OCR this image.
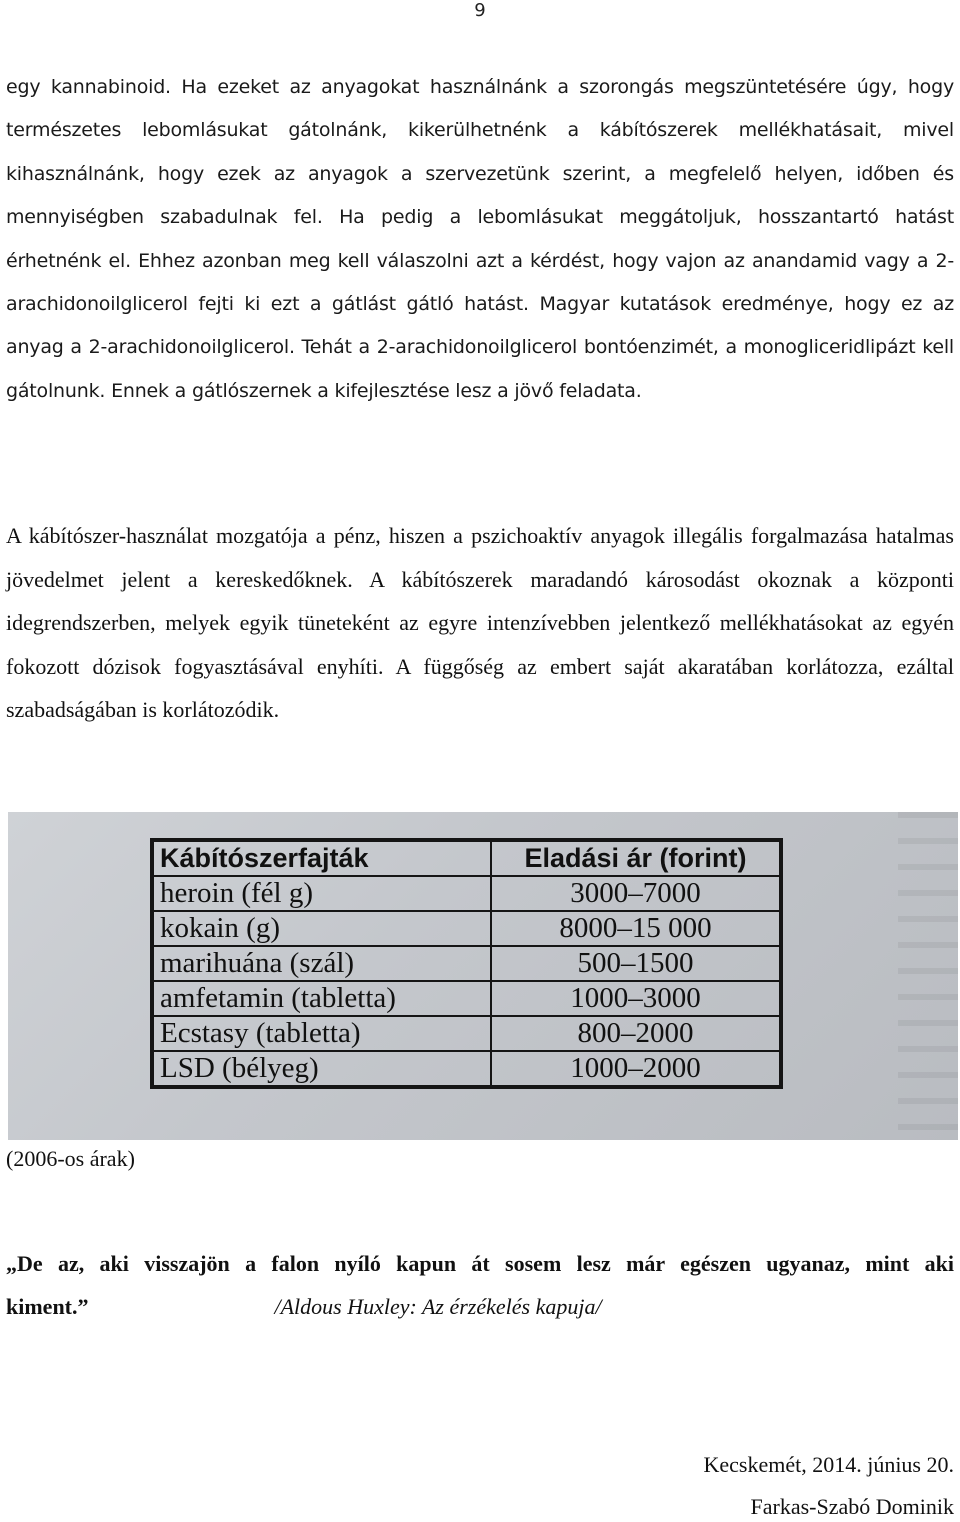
9

egy kannabinoid. Ha ezeket az anyagokat használnánk a szorongás megszüntetésére úgy, hogy természetes lebomlásukat gátolnánk, kikerülhetnénk a kábítószerek mellékhatásait, mivel kihasználnánk, hogy ezek az anyagok a szervezetünk szerint, a megfelelő helyen, időben és mennyiségben szabadulnak fel. Ha pedig a lebomlásukat meggátoljuk, hosszantartó hatást érhetnénk el. Ehhez azonban meg kell válaszolni azt a kérdést, hogy vajon az anandamid vagy a 2-arachidonoilglicerol fejti ki ezt a gátlást gátló hatást. Magyar kutatások eredménye, hogy ez az anyag a 2-arachidonoilglicerol. Tehát a 2-arachidonoilglicerol bontóenzimét, a monogliceridlipázt kell gátolnunk. Ennek a gátlószernek a kifejlesztése lesz a jövő feladata.

A kábítószer-használat mozgatója a pénz, hiszen a pszichoaktív anyagok illegális forgalmazása hatalmas jövedelmet jelent a kereskedőknek. A kábítószerek maradandó károsodást okoznak a központi idegrendszerben, melyek egyik tüneteként az egyre intenzívebben jelentkező mellékhatásokat az egyén fokozott dózisok fogyasztásával enyhíti. A függőség az embert saját akaratában korlátozza, ezáltal szabadságában is korlátozódik.

Kábítószerfajták	Eladási ár (forint)
heroin (fél g)	3000–7000
kokain (g)	8000–15 000
marihuána (szál)	500–1500
amfetamin (tabletta)	1000–3000
Ecstasy (tabletta)	800–2000
LSD (bélyeg)	1000–2000

(2006-os árak)

„De az, aki visszajön a falon nyíló kapun át sosem lesz már egészen ugyanaz, mint aki kiment.”	/Aldous Huxley: Az érzékelés kapuja/

Kecskemét, 2014. június 20.

Farkas-Szabó Dominik
